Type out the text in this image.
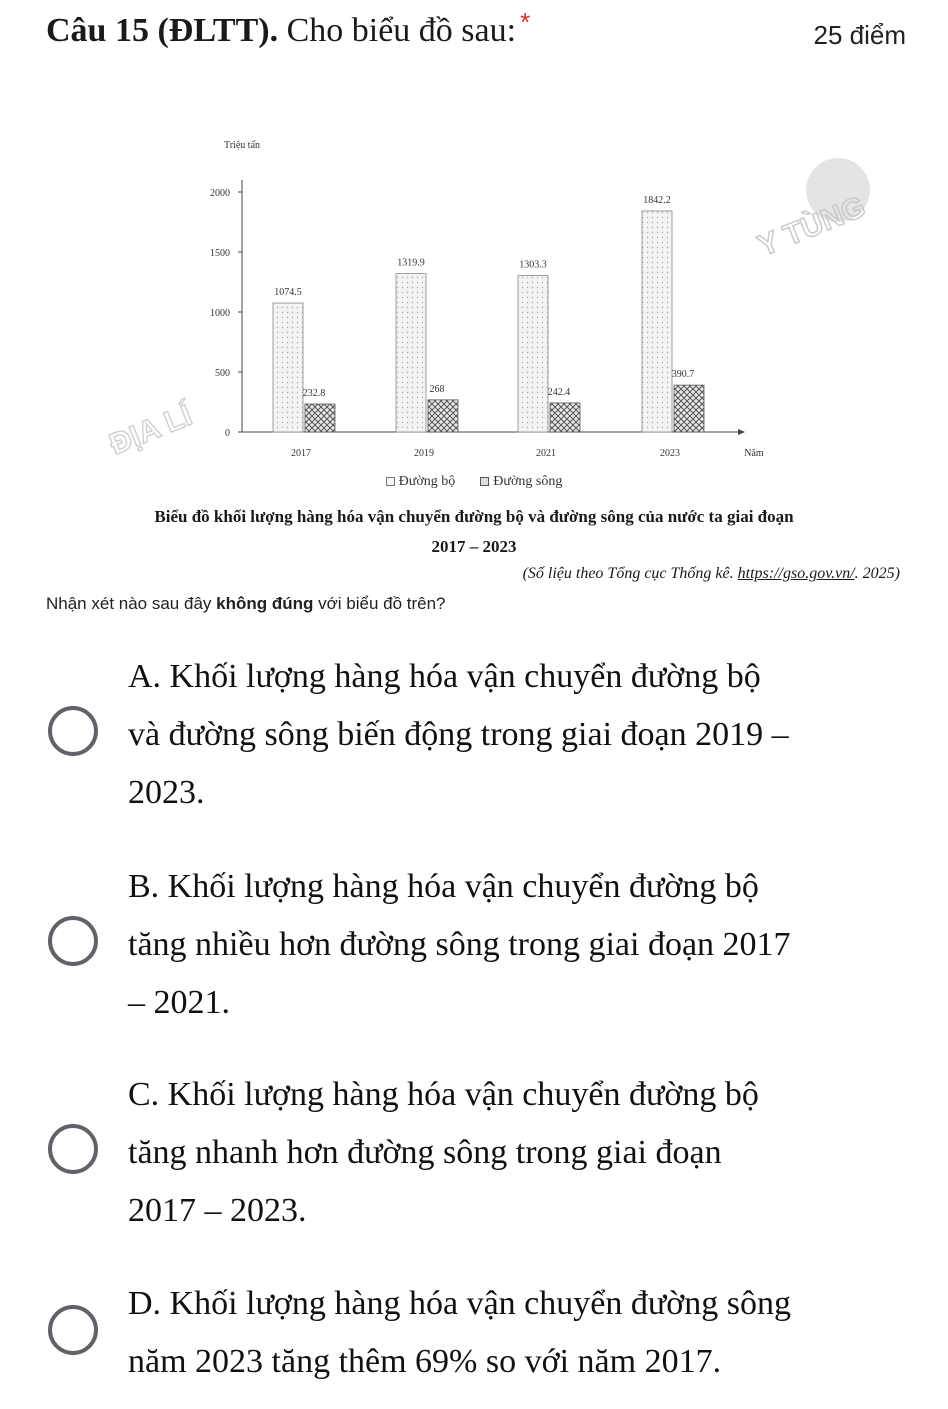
Câu 15 (ĐLTT). Cho biểu đồ sau: *	25 điểm
ĐỊA LÍ
Y TÙNG
0
500
1000
1500
2000
Triệu tấn
Năm
1074.5
232.8
2017
1319.9
268
2019
1303.3
242.4
2021
1842.2
390.7
2023
Đường bộ	Đường sông
Biểu đồ khối lượng hàng hóa vận chuyển đường bộ và đường sông của nước ta giai đoạn
2017 – 2023
(Số liệu theo Tổng cục Thống kê. https://gso.gov.vn/. 2025)
Nhận xét nào sau đây không đúng với biểu đồ trên?
A. Khối lượng hàng hóa vận chuyển đường bộ
và đường sông biến động trong giai đoạn 2019 –
2023.
B. Khối lượng hàng hóa vận chuyển đường bộ
tăng nhiều hơn đường sông trong giai đoạn 2017
– 2021.
C. Khối lượng hàng hóa vận chuyển đường bộ
tăng nhanh hơn đường sông trong giai đoạn
2017 – 2023.
D. Khối lượng hàng hóa vận chuyển đường sông
năm 2023 tăng thêm 69% so với năm 2017.
